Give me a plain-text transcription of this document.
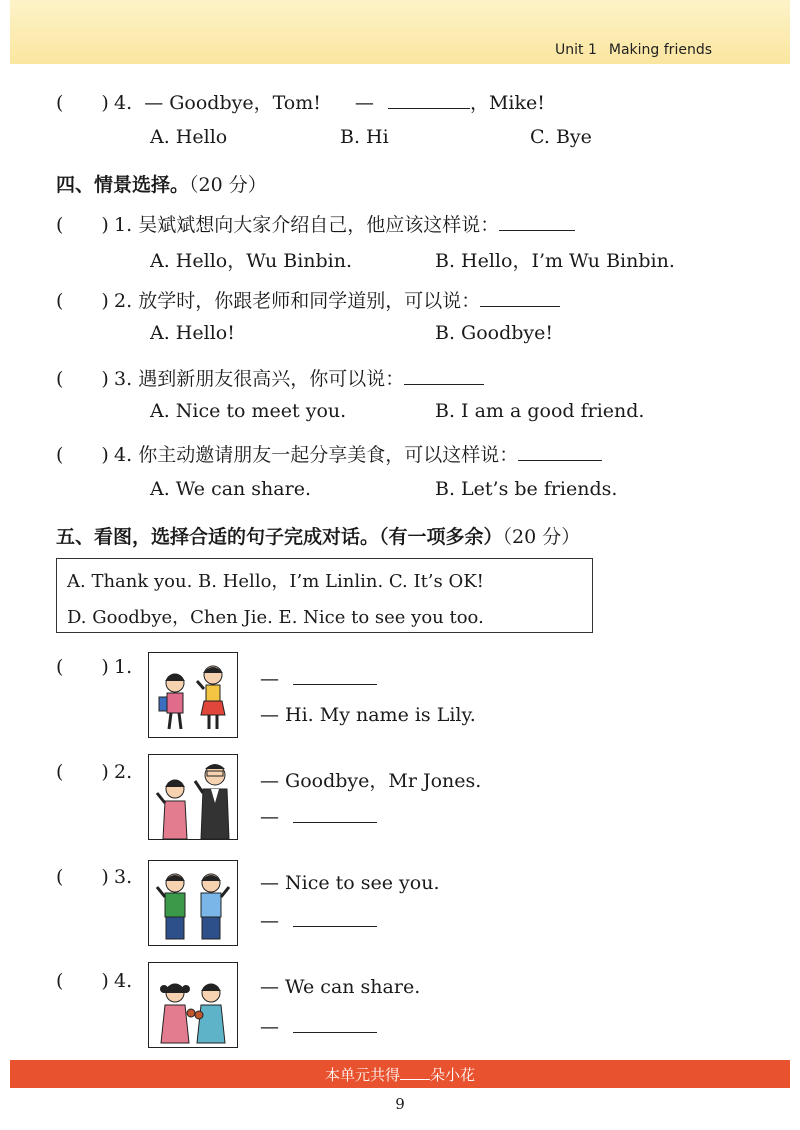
Unit 1 Making friends
(　　) 4. — Goodbye，Tom! —	，Mike!
A. Hello	B. Hi	C. Bye
四、情景选择。（20 分）
(　　) 1. 吴斌斌想向大家介绍自己，他应该这样说：
A. Hello，Wu Binbin.	B. Hello，I’m Wu Binbin.
(　　) 2. 放学时，你跟老师和同学道别，可以说：
A. Hello!	B. Goodbye!
(　　) 3. 遇到新朋友很高兴，你可以说：
A. Nice to meet you.	B. I am a good friend.
(　　) 4. 你主动邀请朋友一起分享美食，可以这样说：
A. We can share.	B. Let’s be friends.
五、看图，选择合适的句子完成对话。（有一项多余）（20 分）
A. Thank you. B. Hello，I’m Linlin. C. It’s OK!
D. Goodbye，Chen Jie. E. Nice to see you too.
(　　) 1.
—
— Hi. My name is Lily.
(　　) 2.	— Goodbye，Mr Jones.
—
(　　) 3.	— Nice to see you.
—
(　　) 4.	— We can share.
—
本单元共得 朵小花
9
